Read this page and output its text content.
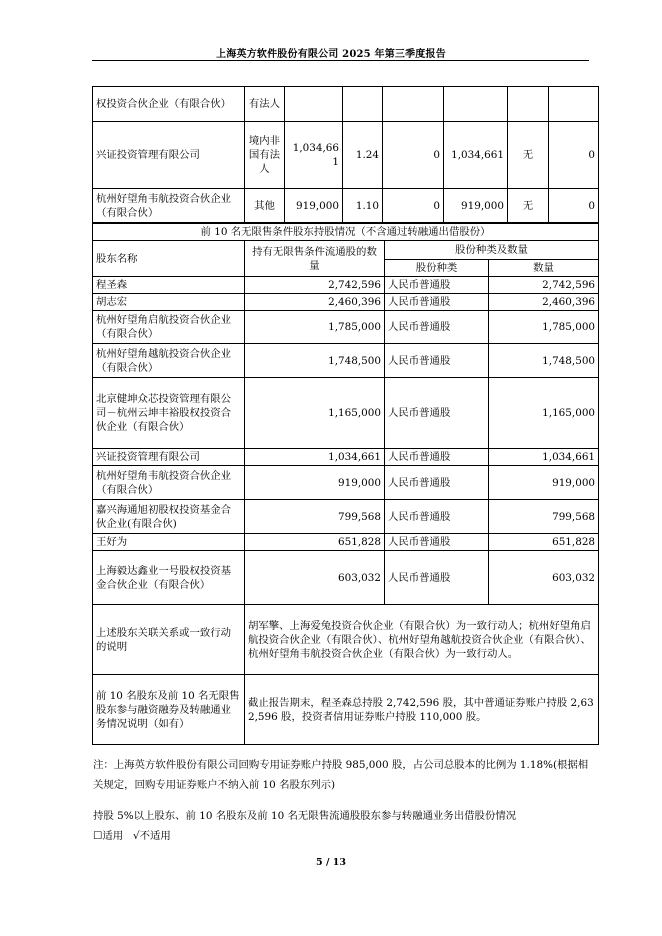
上海英方软件股份有限公司 2025 年第三季度报告
权投资合伙企业（有限合伙）	有法人						
兴证投资管理有限公司	境内非国有法人	1,034,661	1.24	0	1,034,661	无	0
杭州好望角韦航投资合伙企业（有限合伙）	其他	919,000	1.10	0	919,000	无	0
前 10 名无限售条件股东持股情况（不含通过转融通出借股份）			
股东名称	持有无限售条件流通股的数量	股份种类及数量	
		股份种类	数量
程圣森	2,742,596	人民币普通股	2,742,596
胡志宏	2,460,396	人民币普通股	2,460,396
杭州好望角启航投资合伙企业（有限合伙）	1,785,000	人民币普通股	1,785,000
杭州好望角越航投资合伙企业（有限合伙）	1,748,500	人民币普通股	1,748,500
北京健坤众芯投资管理有限公司－杭州云坤丰裕股权投资合伙企业（有限合伙）	1,165,000	人民币普通股	1,165,000
兴证投资管理有限公司	1,034,661	人民币普通股	1,034,661
杭州好望角韦航投资合伙企业（有限合伙）	919,000	人民币普通股	919,000
嘉兴海通旭初股权投资基金合伙企业(有限合伙)	799,568	人民币普通股	799,568
王好为	651,828	人民币普通股	651,828
上海毅达鑫业一号股权投资基金合伙企业（有限合伙）	603,032	人民币普通股	603,032
上述股东关联关系或一致行动的说明	胡军擎、上海爱兔投资合伙企业（有限合伙）为一致行动人；杭州好望角启航投资合伙企业（有限合伙）、杭州好望角越航投资合伙企业（有限合伙）、杭州好望角韦航投资合伙企业（有限合伙）为一致行动人。		
前 10 名股东及前 10 名无限售股东参与融资融券及转融通业务情况说明（如有）	截止报告期末，程圣森总持股 2,742,596 股，其中普通证券账户持股 2,632,596 股，投资者信用证券账户持股 110,000 股。		
注：上海英方软件股份有限公司回购专用证券账户持股 985,000 股，占公司总股本的比例为 1.18%(根据相关规定，回购专用证券账户不纳入前 10 名股东列示)
持股 5%以上股东、前 10 名股东及前 10 名无限售流通股股东参与转融通业务出借股份情况
☐适用 √不适用
5 / 13
